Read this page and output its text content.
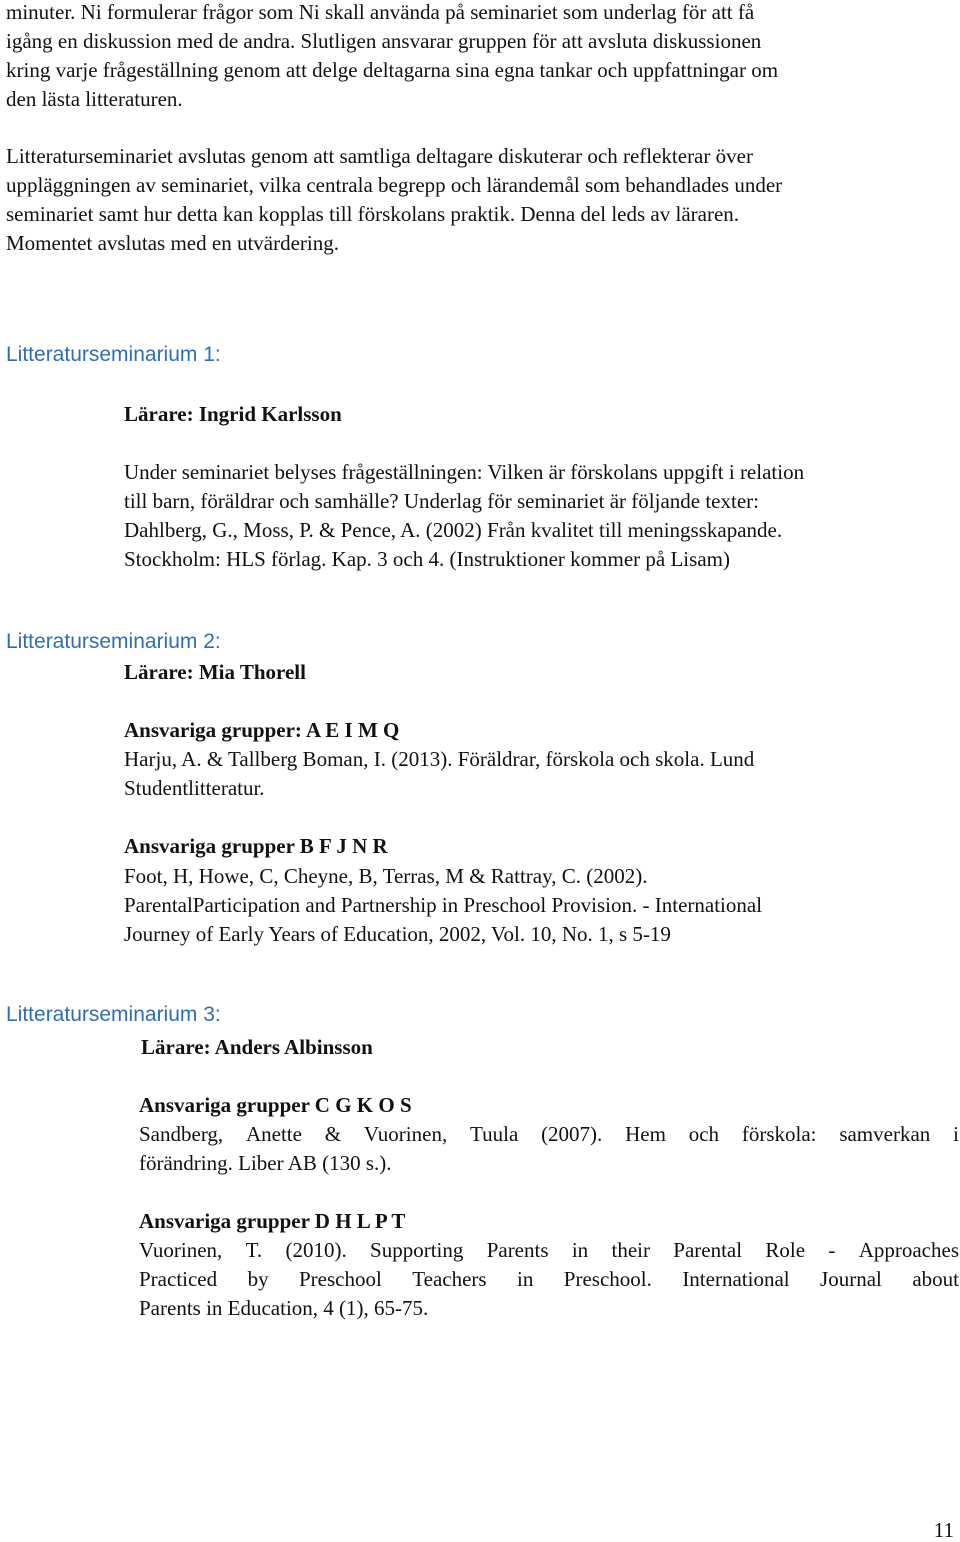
minuter. Ni formulerar frågor som Ni skall använda på seminariet som underlag för att få
igång en diskussion med de andra. Slutligen ansvarar gruppen för att avsluta diskussionen
kring varje frågeställning genom att delge deltagarna sina egna tankar och uppfattningar om
den lästa litteraturen.
Litteraturseminariet avslutas genom att samtliga deltagare diskuterar och reflekterar över
uppläggningen av seminariet, vilka centrala begrepp och lärandemål som behandlades under
seminariet samt hur detta kan kopplas till förskolans praktik. Denna del leds av läraren.
Momentet avslutas med en utvärdering.
Litteraturseminarium 1:
Lärare: Ingrid Karlsson
Under seminariet belyses frågeställningen: Vilken är förskolans uppgift i relation
till barn, föräldrar och samhälle? Underlag för seminariet är följande texter:
Dahlberg, G., Moss, P. & Pence, A. (2002) Från kvalitet till meningsskapande.
Stockholm: HLS förlag. Kap. 3 och 4. (Instruktioner kommer på Lisam)
Litteraturseminarium 2:
Lärare: Mia Thorell
Ansvariga grupper: A E I M Q
Harju, A. & Tallberg Boman, I. (2013). Föräldrar, förskola och skola. Lund
Studentlitteratur.
Ansvariga grupper B F J N R
Foot, H, Howe, C, Cheyne, B, Terras, M & Rattray, C. (2002).
ParentalParticipation and Partnership in Preschool Provision. - International
Journey of Early Years of Education, 2002, Vol. 10, No. 1, s 5-19
Litteraturseminarium 3:
Lärare: Anders Albinsson
Ansvariga grupper C G K O S
Sandberg, Anette & Vuorinen, Tuula (2007). Hem och förskola: samverkan i
förändring. Liber AB (130 s.).
Ansvariga grupper D H L P T
Vuorinen, T. (2010). Supporting Parents in their Parental Role - Approaches
Practiced by Preschool Teachers in Preschool. International Journal about
Parents in Education, 4 (1), 65-75.
11
